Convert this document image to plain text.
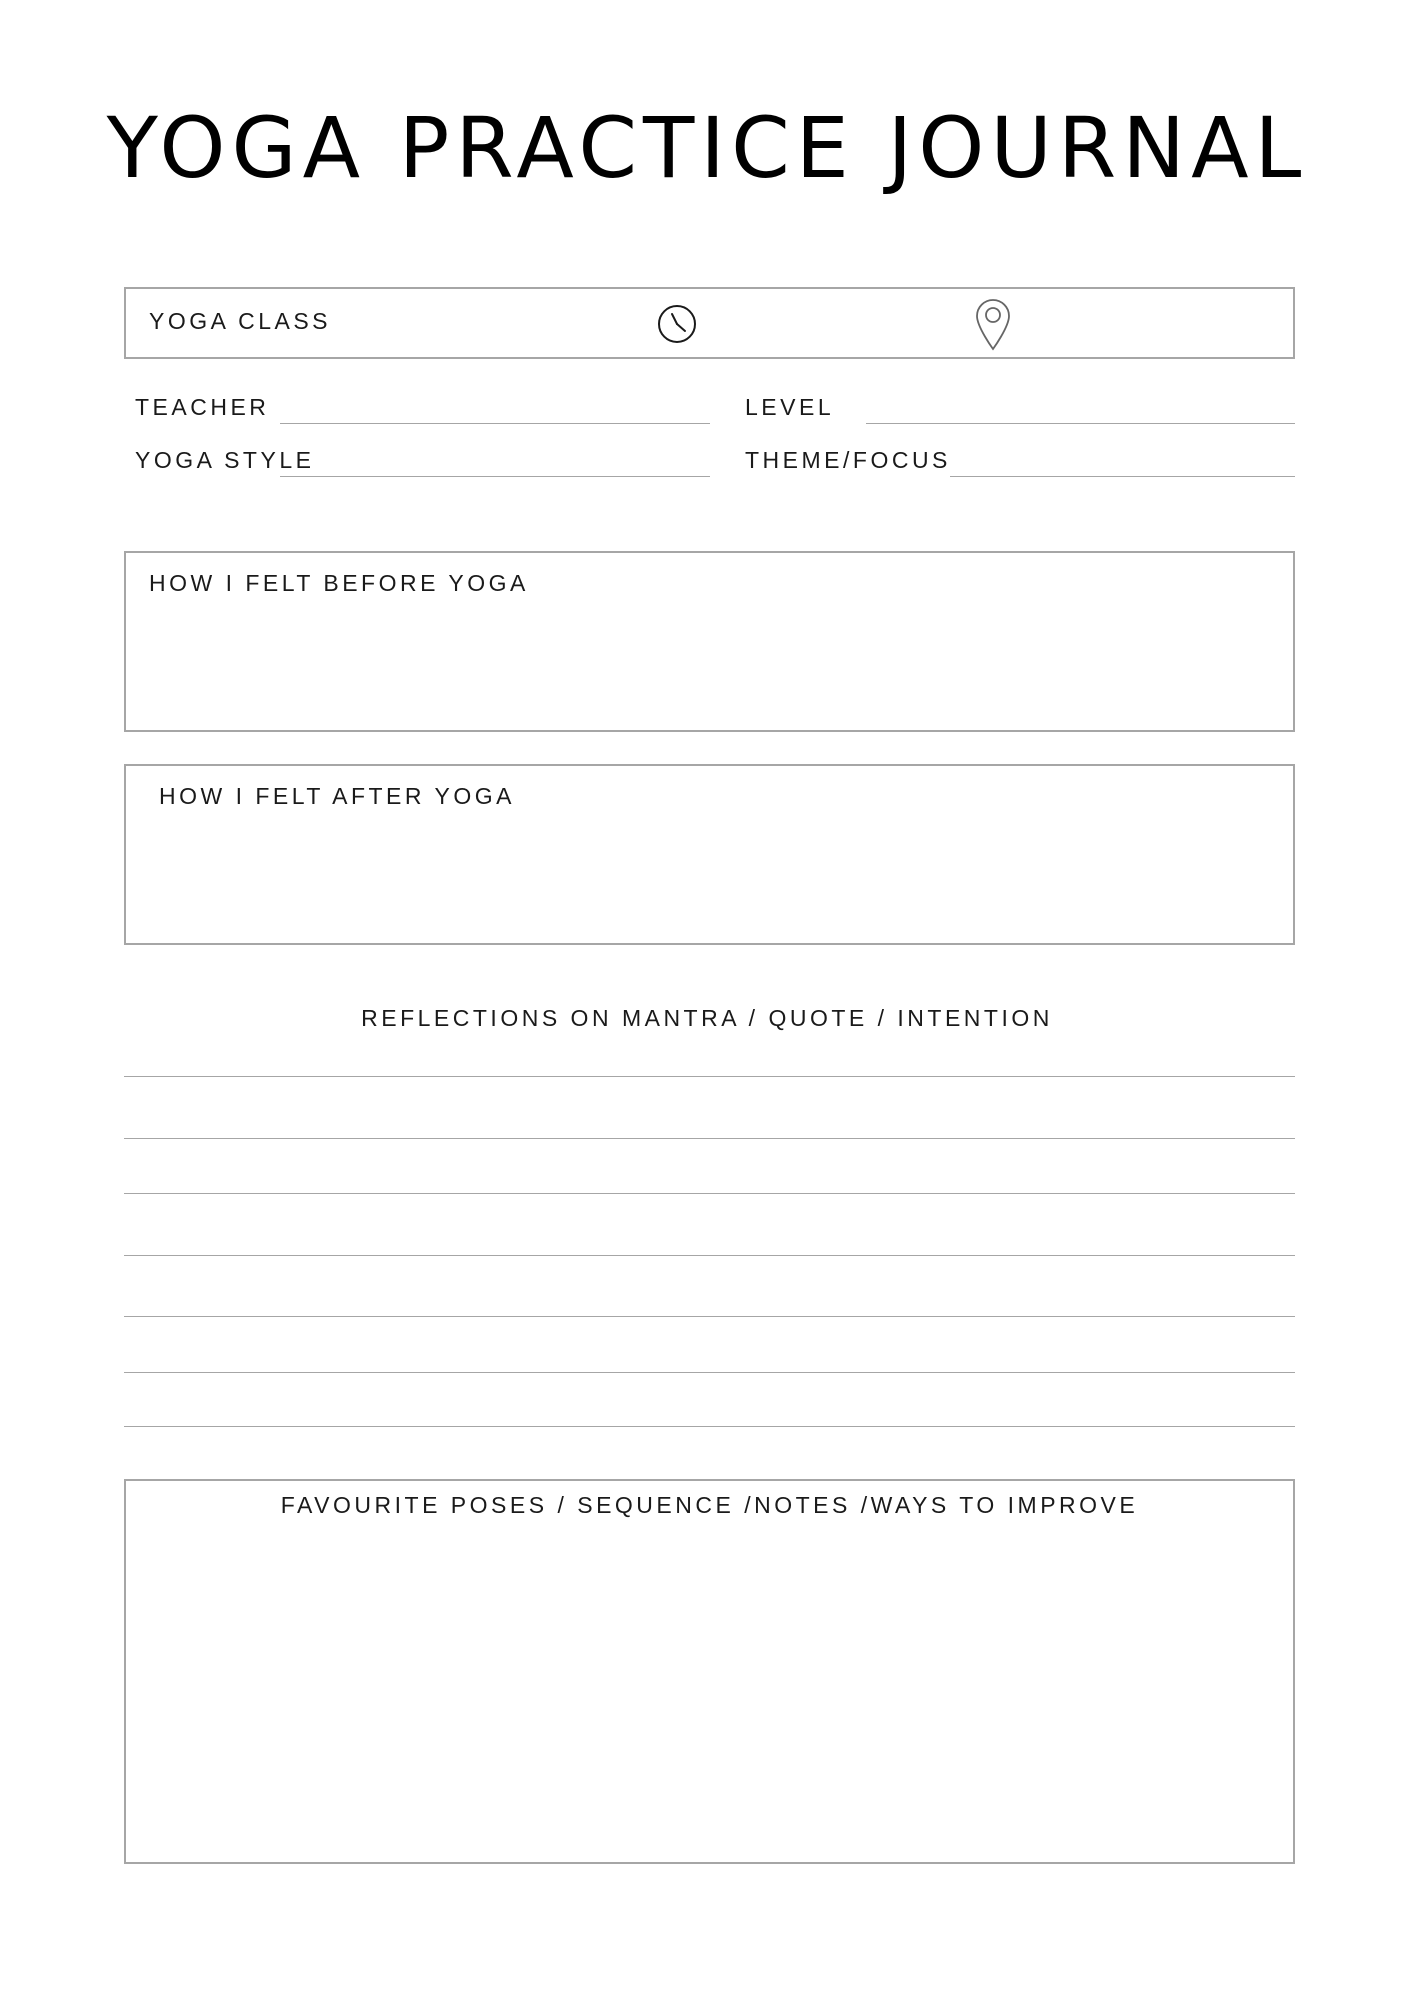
YOGA PRACTICE JOURNAL
YOGA CLASS
TEACHER	LEVEL
YOGA STYLE	THEME/FOCUS
HOW I FELT BEFORE YOGA
HOW I FELT AFTER YOGA
REFLECTIONS ON MANTRA / QUOTE / INTENTION
FAVOURITE POSES / SEQUENCE /NOTES /WAYS TO IMPROVE
